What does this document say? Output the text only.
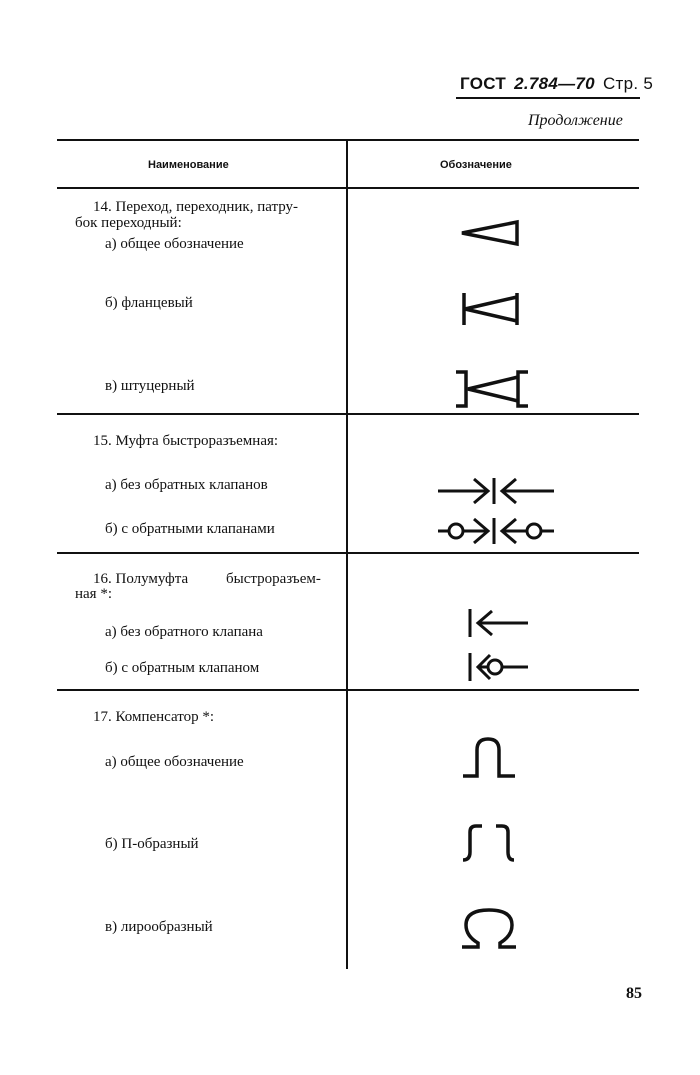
ГОСТ 2.784—70 Стр. 5
Продолжение
Наименование	Обозначение
14. Переход, переходник, патру-
бок переходный:
а) общее обозначение
б) фланцевый
в) штуцерный
15. Муфта быстроразъемная:
а) без обратных клапанов
б) с обратными клапанами
16. Полумуфта	быстроразъем-
ная *:
а) без обратного клапана
б) с обратным клапаном
17. Компенсатор *:
а) общее обозначение
б) П-образный
в) лирообразный
85
